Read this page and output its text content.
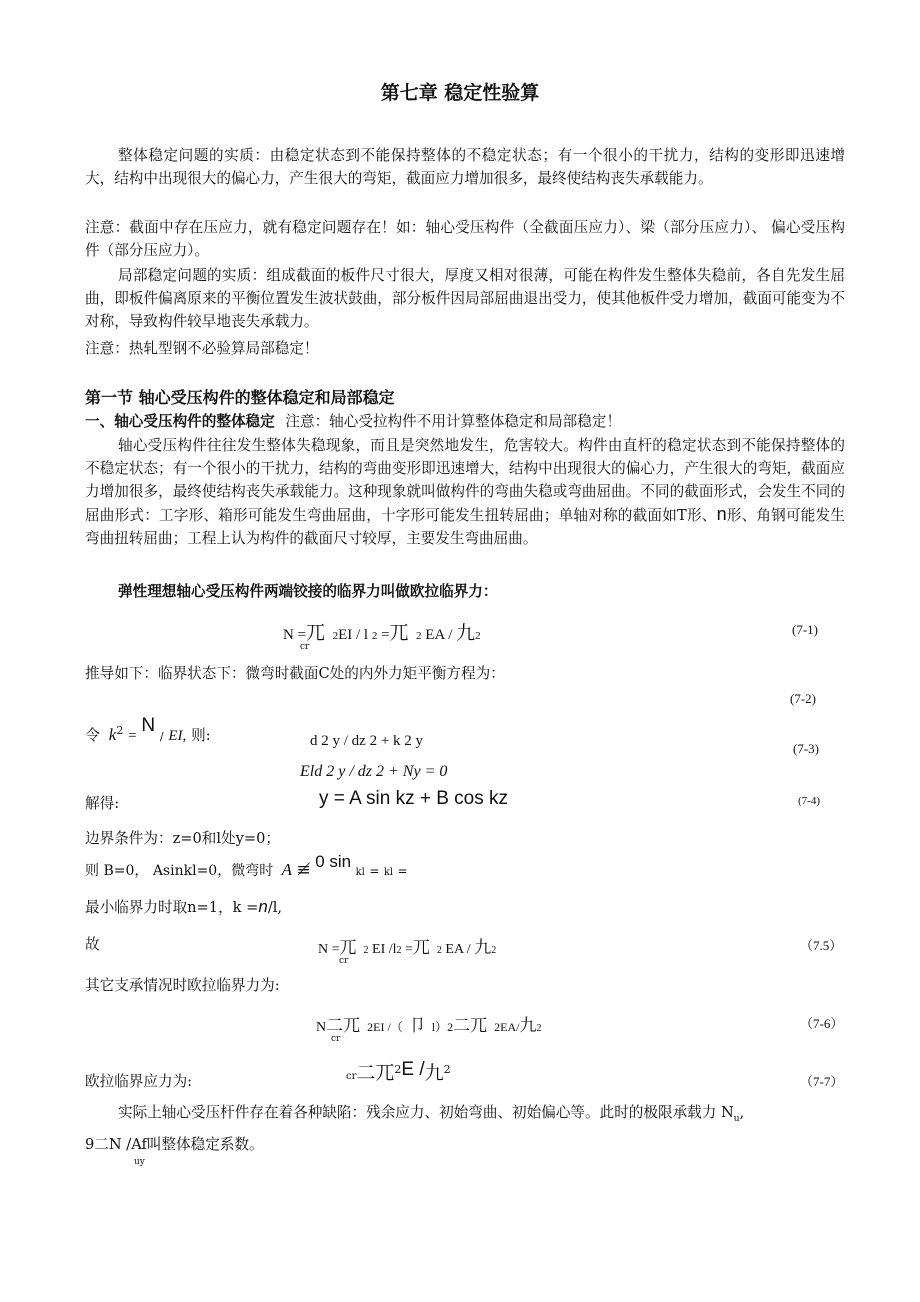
第七章 稳定性验算
整体稳定问题的实质：由稳定状态到不能保持整体的不稳定状态；有一个很小的干扰力，结构的变形即迅速增大，结构中出现很大的偏心力，产生很大的弯矩，截面应力增加很多，最终使结构丧失承载能力。
注意：截面中存在压应力，就有稳定问题存在！如：轴心受压构件（全截面压应力）、梁（部分压应力）、 偏心受压构件（部分压应力）。
局部稳定问题的实质：组成截面的板件尺寸很大，厚度又相对很薄，可能在构件发生整体失稳前，各自先发生屈曲，即板件偏离原来的平衡位置发生波状鼓曲，部分板件因局部屈曲退出受力，使其他板件受力增加，截面可能变为不对称，导致构件较早地丧失承载力。
注意：热轧型钢不必验算局部稳定！
第一节 轴心受压构件的整体稳定和局部稳定
一、轴心受压构件的整体稳定 注意：轴心受拉构件不用计算整体稳定和局部稳定！
轴心受压构件往往发生整体失稳现象，而且是突然地发生，危害较大。构件由直杆的稳定状态到不能保持整体的不稳定状态；有一个很小的干扰力，结构的弯曲变形即迅速增大，结构中出现很大的偏心力，产生很大的弯矩，截面应力增加很多，最终使结构丧失承载能力。这种现象就叫做构件的弯曲失稳或弯曲屈曲。不同的截面形式，会发生不同的屈曲形式：工字形、箱形可能发生弯曲屈曲，十字形可能发生扭转屈曲；单轴对称的截面如T形、n形、角钢可能发生弯曲扭转屈曲；工程上认为构件的截面尺寸较厚，主要发生弯曲屈曲。
弹性理想轴心受压构件两端铰接的临界力叫做欧拉临界力：
N =兀 2EI / l 2 =兀 2 EA / 九2
cr
(7-1)
推导如下：临界状态下：微弯时截面C处的内外力矩平衡方程为：
(7-2)
令 $k^2 = N$ / EI, 则:	d 2 y / dz 2 + k 2 y	(7-3)
Eld 2 y / dz 2 + Ny = 0
解得:	y = A sin kz + B cos kz	(7-4)
边界条件为：z=0和l处y=0；
则 B=0， Asinkl=0，微弯时 A ≢ 0 sin kl = kl =
最小临界力时取n=1，k =n/l,
故	N =兀 2 EI /l2 =兀 2 EA / 九2
cr
（7.5）
其它支承情况时欧拉临界力为:
N二兀 2EI /（ 卩 l）2二兀 2EA/九2
cr
（7-6）
欧拉临界应力为:	cr二兀$^2$E /九$^2$
（7-7）
实际上轴心受压杆件存在着各种缺陷：残余应力、初始弯曲、初始偏心等。此时的极限承载力 $N_u$,
9二N /Af叫整体稳定系数。
uy
